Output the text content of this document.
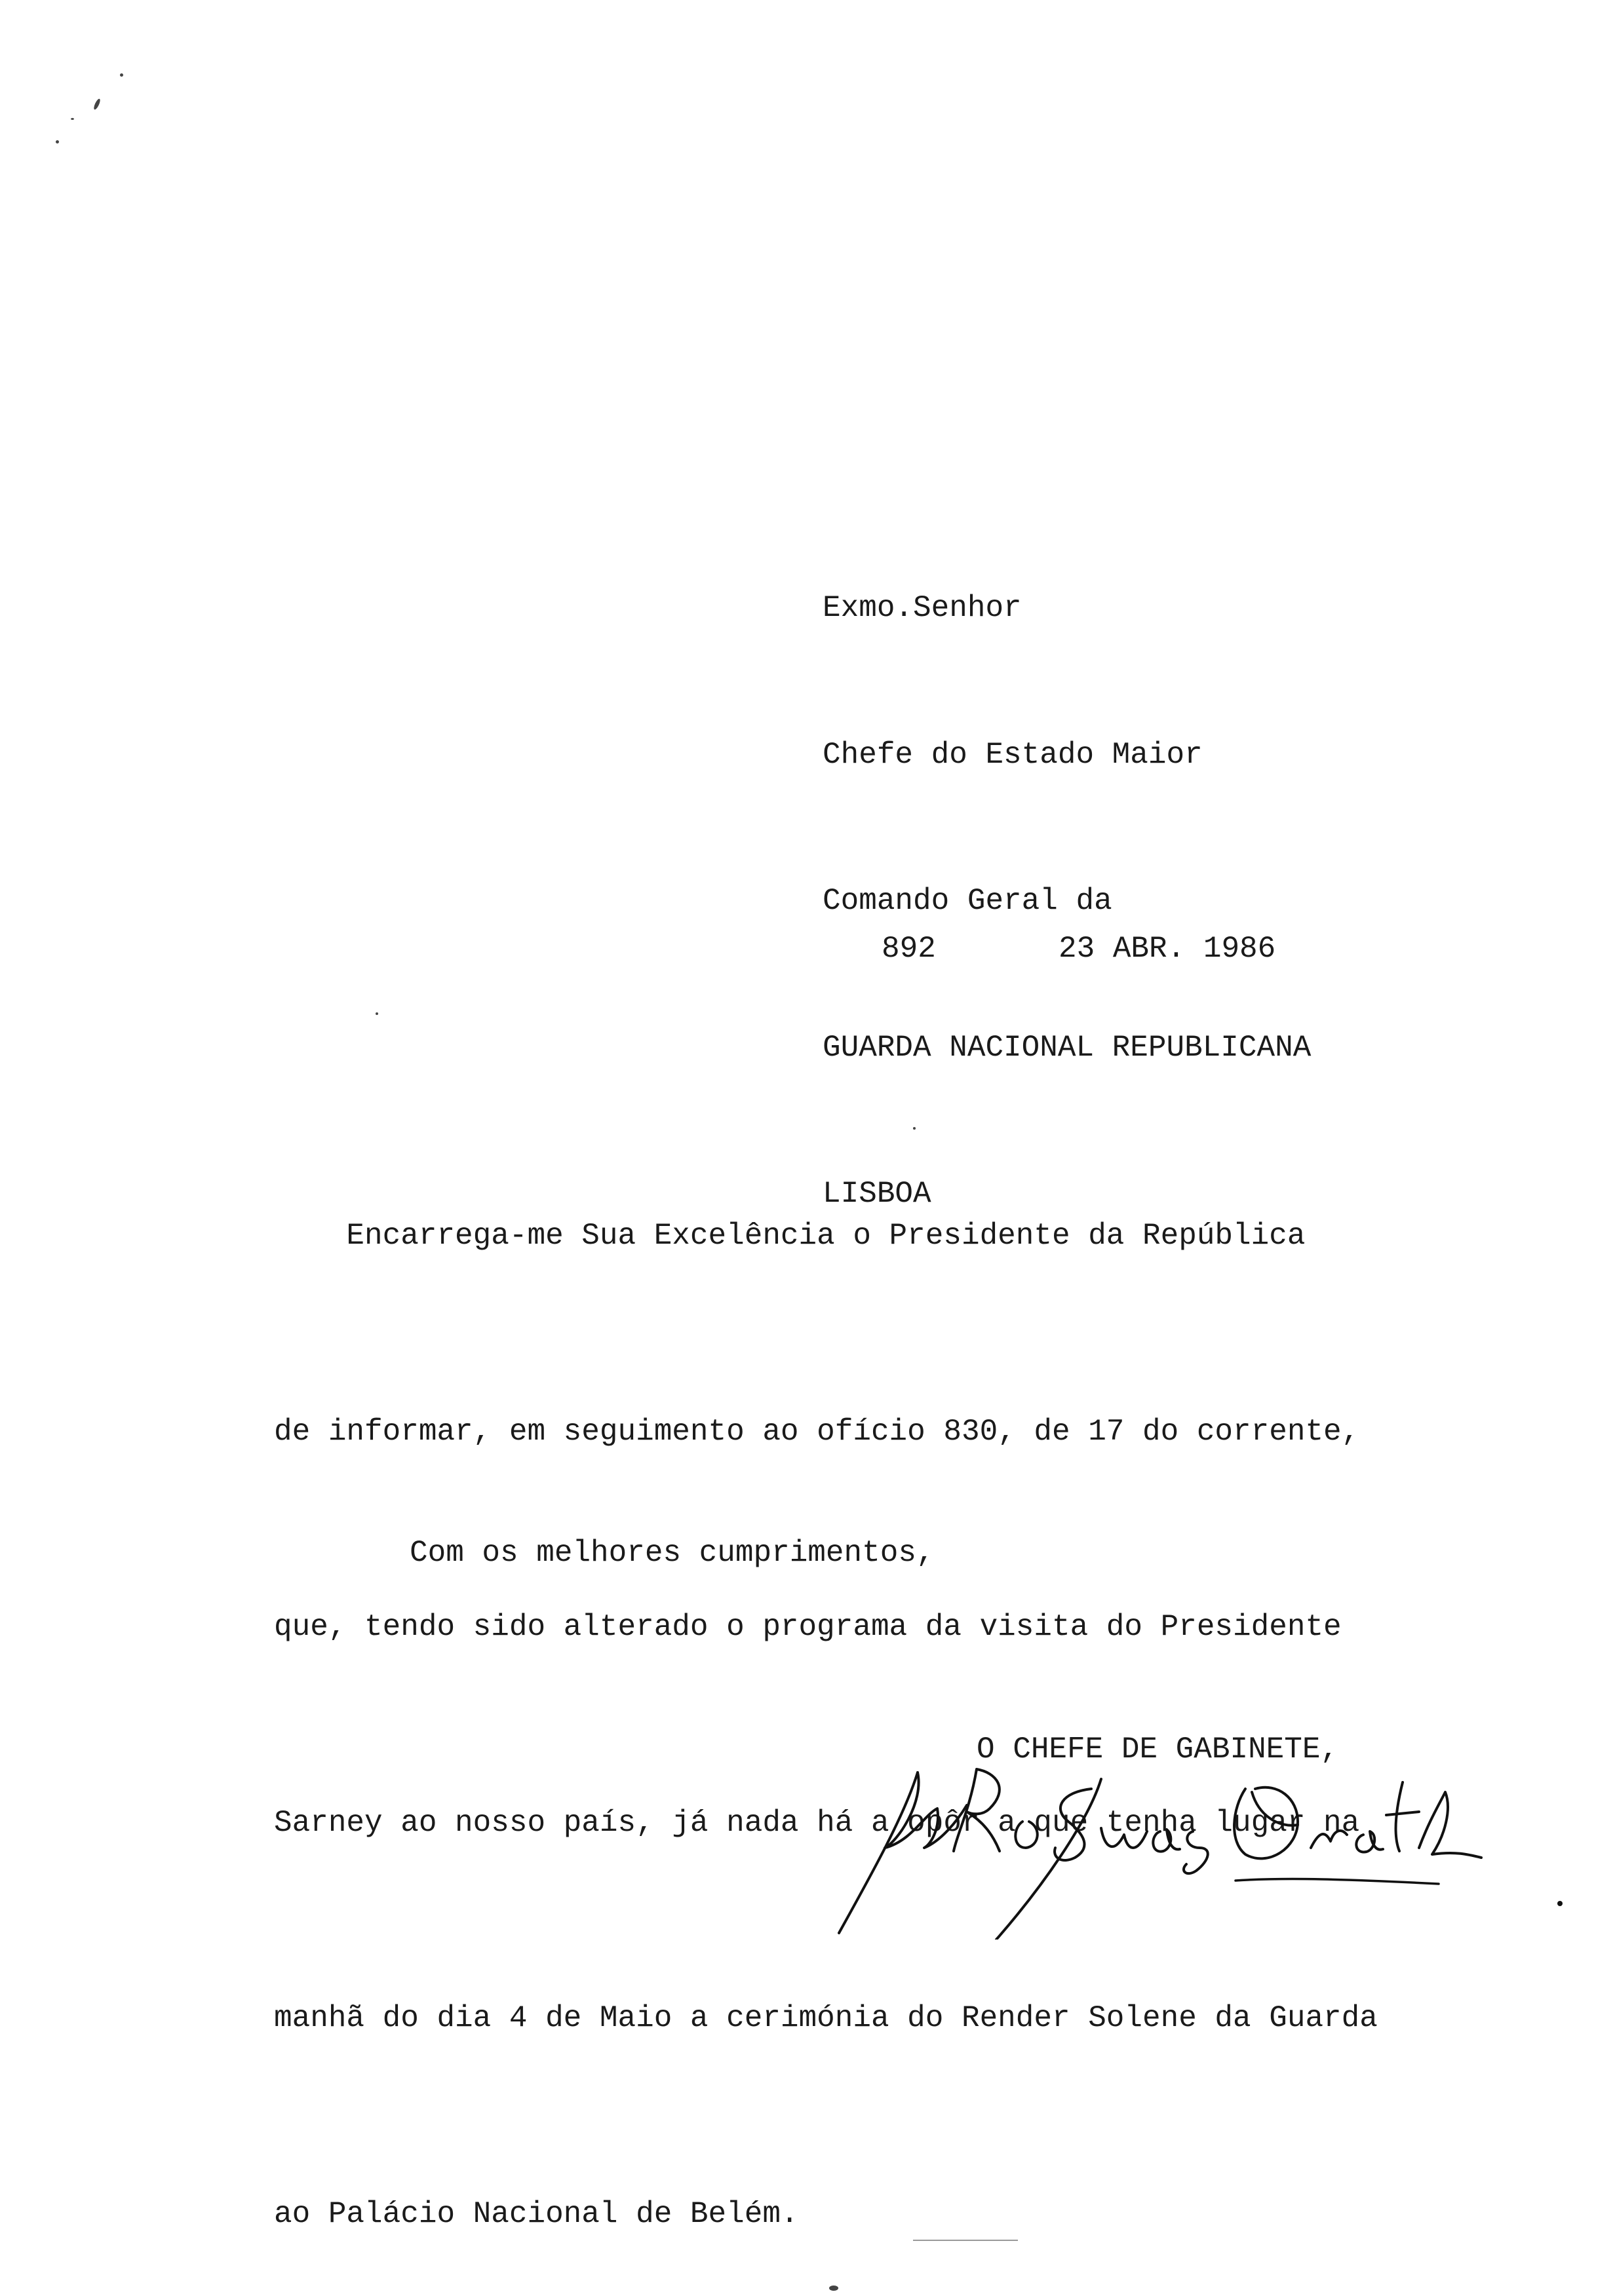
Exmo.Senhor

Chefe do Estado Maior

Comando Geral da

GUARDA NACIONAL REPUBLICANA

LISBOA

892	23 ABR. 1986

Encarrega-me Sua Excelência o Presidente da República

de informar, em seguimento ao ofício 830, de 17 do corrente,

que, tendo sido alterado o programa da visita do Presidente

Sarney ao nosso país, já nada há a opôr a que tenha lugar na

manhã do dia 4 de Maio a cerimónia do Render Solene da Guarda

ao Palácio Nacional de Belém.

Com os melhores cumprimentos,
O CHEFE DE GABINETE,
